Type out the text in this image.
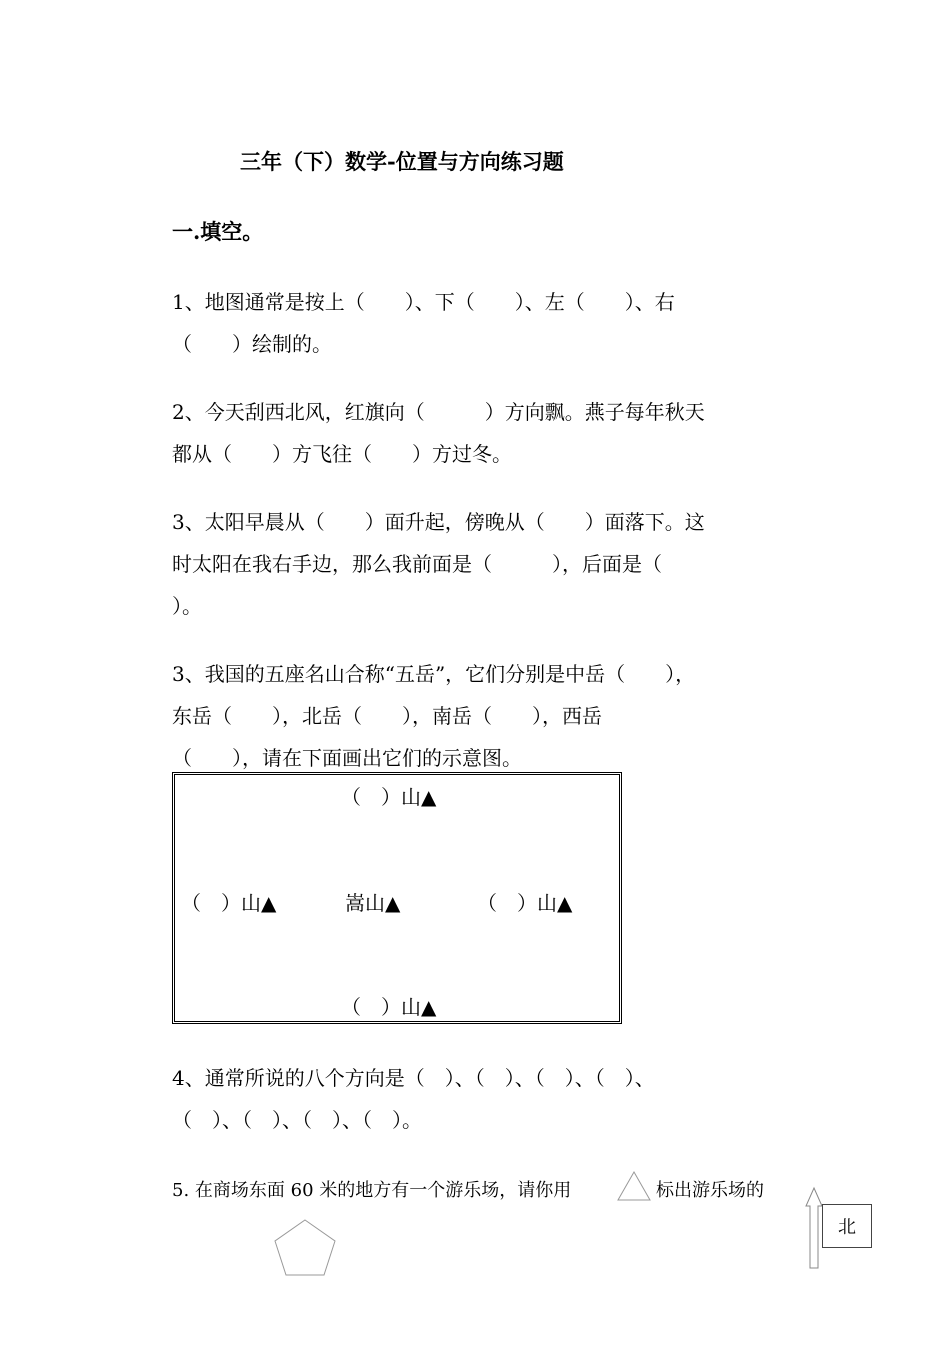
三年（下）数学-位置与方向练习题
一.填空。
1、地图通常是按上（　　）、下（　　）、左（　　）、右
（　　）绘制的。
2、今天刮西北风，红旗向（　　　）方向飘。燕子每年秋天
都从（　　）方飞往（　　）方过冬。
3、太阳早晨从（　　）面升起，傍晚从（　　）面落下。这
时太阳在我右手边，那么我前面是（　　　），后面是（
）。
3、我国的五座名山合称“五岳”，它们分别是中岳（　　），
东岳（　　），北岳（　　），南岳（　　），西岳
（　　），请在下面画出它们的示意图。
（　）山▲
（　）山▲	嵩山▲	（　）山▲
（　）山▲
4、通常所说的八个方向是（　）、（　）、（　）、（　）、
（　）、（　）、（　）、（　）。
5. 在商场东面 60 米的地方有一个游乐场，请你用	标出游乐场的
北
